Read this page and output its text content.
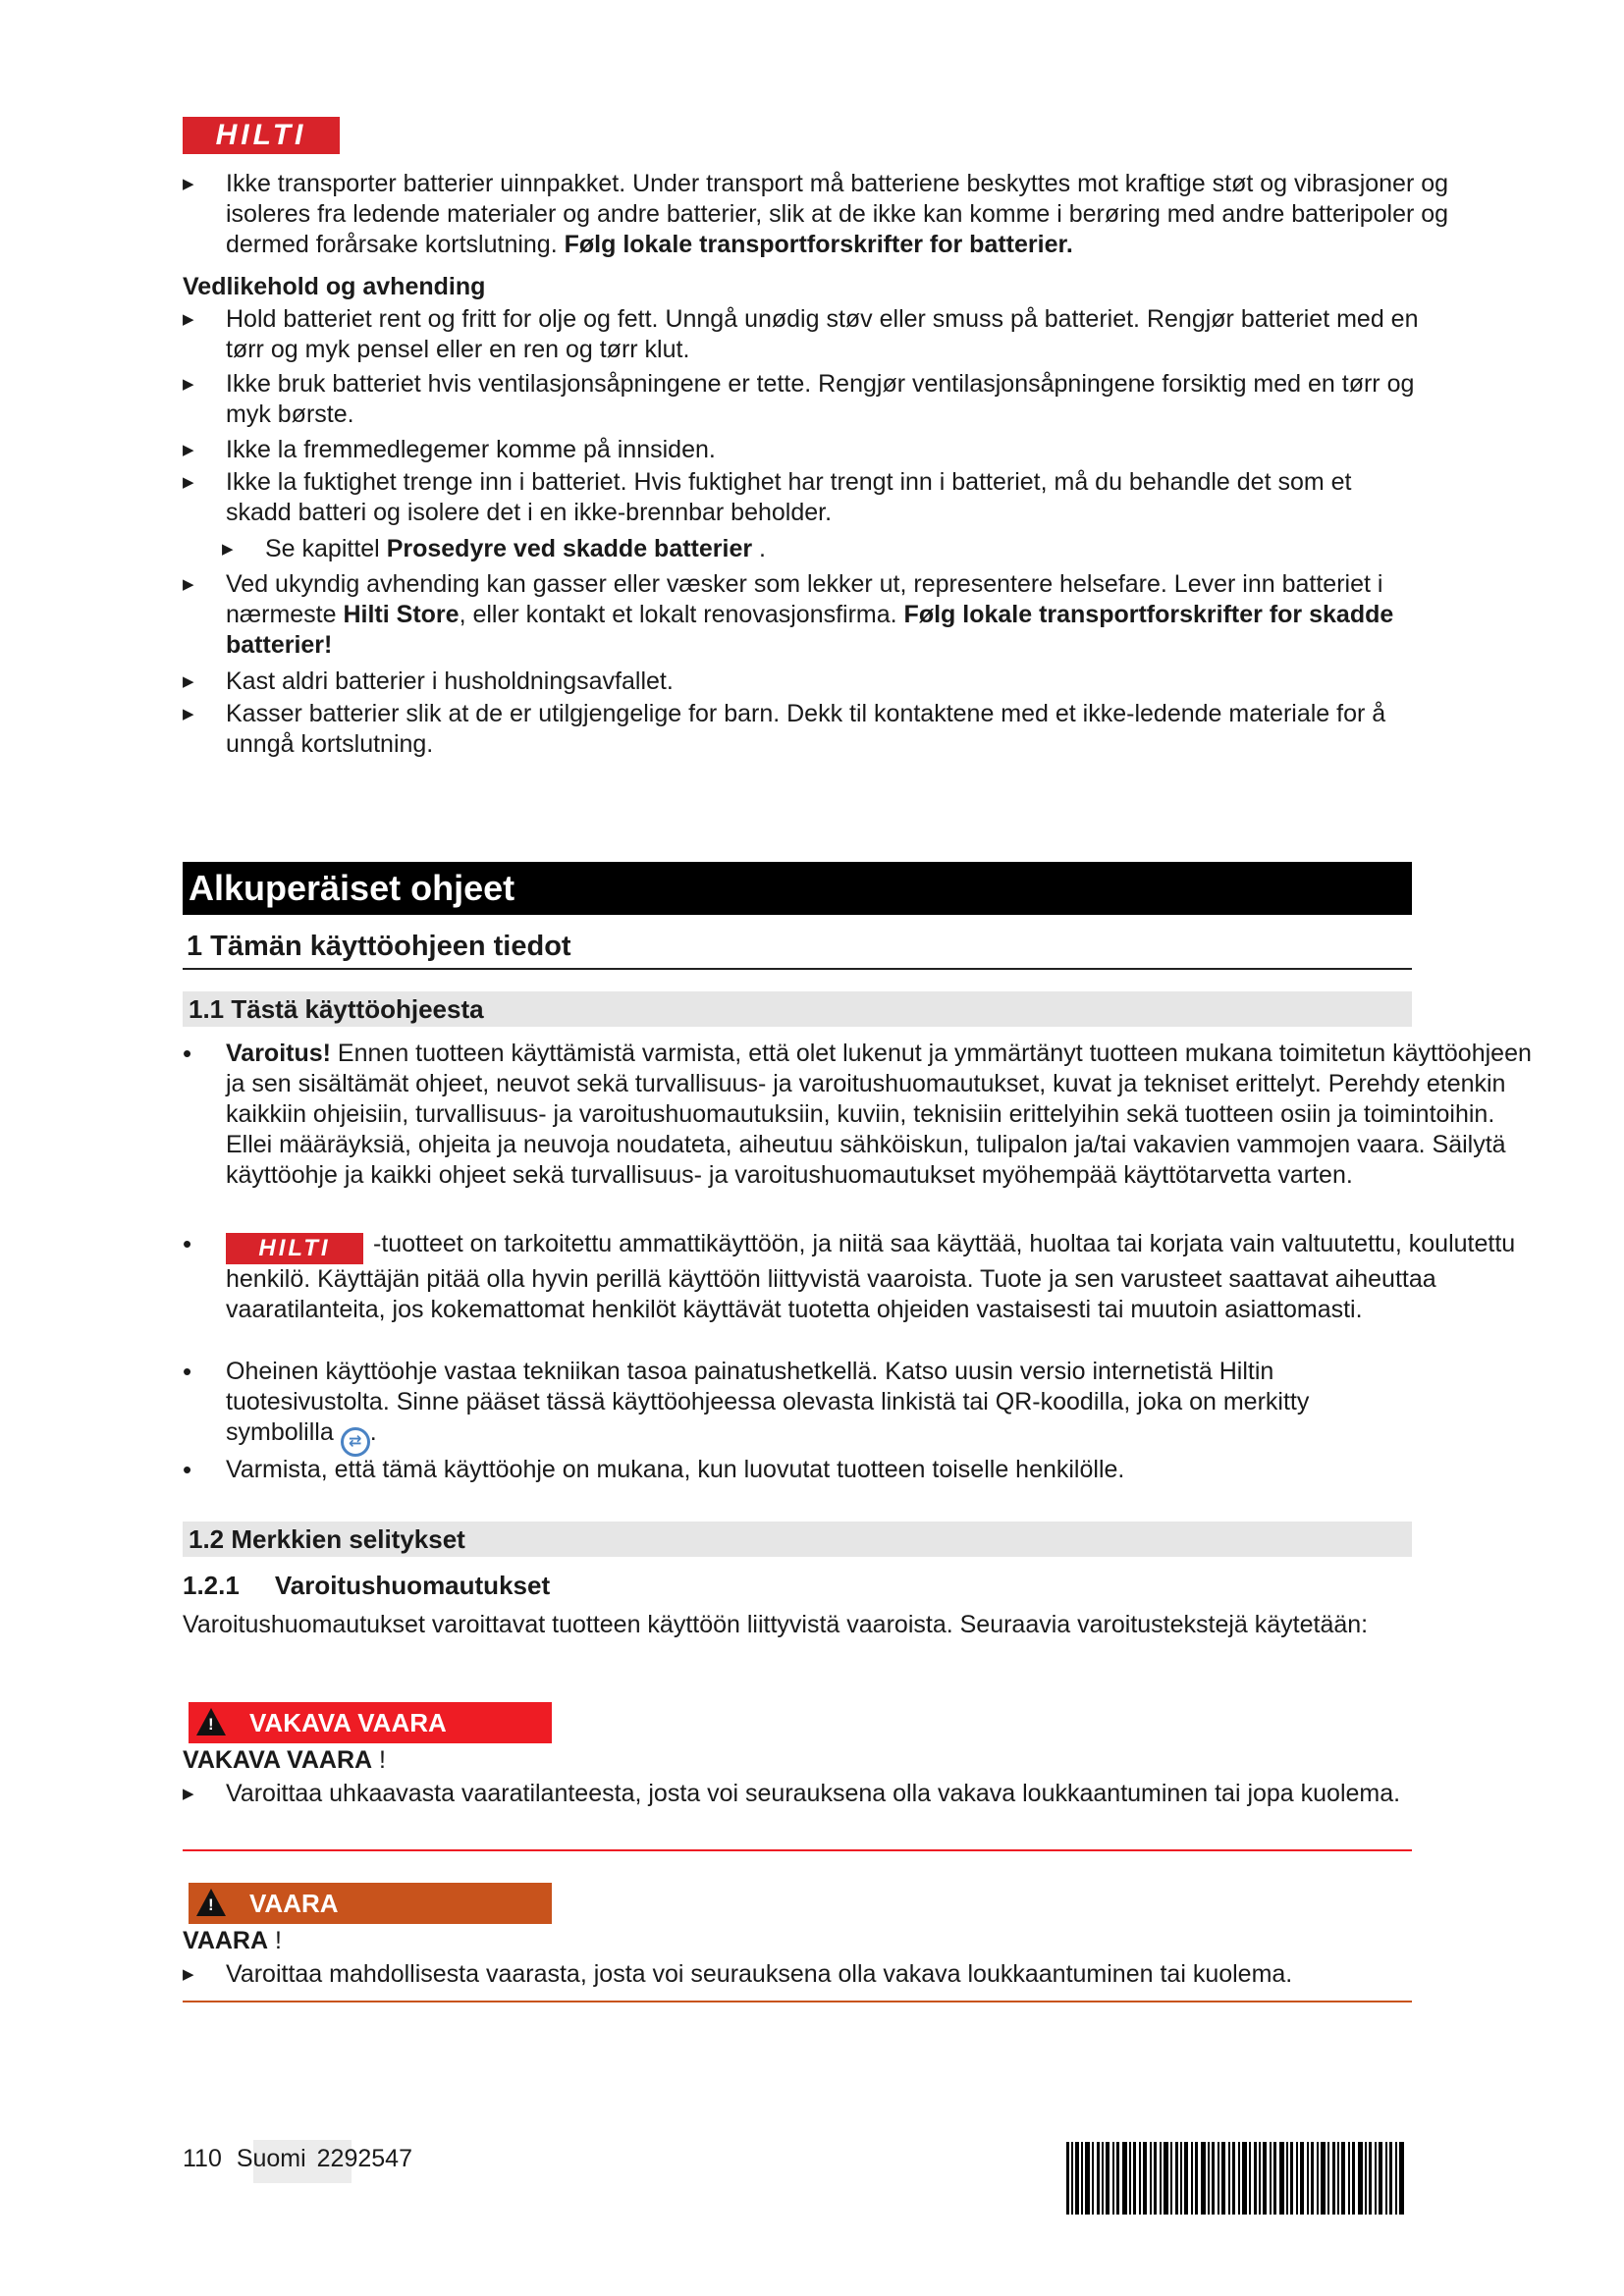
HILTI
▶	Ikke transporter batterier uinnpakket. Under transport må batteriene beskyttes mot kraftige støt og vibrasjoner og isoleres fra ledende materialer og andre batterier, slik at de ikke kan komme i berøring med andre batteripoler og dermed forårsake kortslutning. Følg lokale transportforskrifter for batterier.
Vedlikehold og avhending
▶	Hold batteriet rent og fritt for olje og fett. Unngå unødig støv eller smuss på batteriet. Rengjør batteriet med en tørr og myk pensel eller en ren og tørr klut.
▶	Ikke bruk batteriet hvis ventilasjonsåpningene er tette. Rengjør ventilasjonsåpningene forsiktig med en tørr og myk børste.
▶	Ikke la fremmedlegemer komme på innsiden.
▶	Ikke la fuktighet trenge inn i batteriet. Hvis fuktighet har trengt inn i batteriet, må du behandle det som et skadd batteri og isolere det i en ikke-brennbar beholder.
▶	Se kapittel Prosedyre ved skadde batterier .
▶	Ved ukyndig avhending kan gasser eller væsker som lekker ut, representere helsefare. Lever inn batteriet i nærmeste Hilti Store, eller kontakt et lokalt renovasjonsfirma. Følg lokale transportforskrifter for skadde batterier!
▶	Kast aldri batterier i husholdningsavfallet.
▶	Kasser batterier slik at de er utilgjengelige for barn. Dekk til kontaktene med et ikke-ledende materiale for å unngå kortslutning.
Alkuperäiset ohjeet
1 Tämän käyttöohjeen tiedot
1.1 Tästä käyttöohjeesta
•	Varoitus! Ennen tuotteen käyttämistä varmista, että olet lukenut ja ymmärtänyt tuotteen mukana toimitetun käyttöohjeen ja sen sisältämät ohjeet, neuvot sekä turvallisuus- ja varoitushuomautukset, kuvat ja tekniset erittelyt. Perehdy etenkin kaikkiin ohjeisiin, turvallisuus- ja varoitushuomautuksiin, kuviin, teknisiin erittelyihin sekä tuotteen osiin ja toimintoihin. Ellei määräyksiä, ohjeita ja neuvoja noudateta, aiheutuu sähköiskun, tulipalon ja/tai vakavien vammojen vaara. Säilytä käyttöohje ja kaikki ohjeet sekä turvallisuus- ja varoitushuomautukset myöhempää käyttötarvetta varten.
•	HILTI -tuotteet on tarkoitettu ammattikäyttöön, ja niitä saa käyttää, huoltaa tai korjata vain valtuutettu, koulutettu henkilö. Käyttäjän pitää olla hyvin perillä käyttöön liittyvistä vaaroista. Tuote ja sen varusteet saattavat aiheuttaa vaaratilanteita, jos kokemattomat henkilöt käyttävät tuotetta ohjeiden vastaisesti tai muutoin asiattomasti.
•	Oheinen käyttöohje vastaa tekniikan tasoa painatushetkellä. Katso uusin versio internetistä Hiltin tuotesivustolta. Sinne pääset tässä käyttöohjeessa olevasta linkistä tai QR-koodilla, joka on merkitty symbolilla ⇄ .
•	Varmista, että tämä käyttöohje on mukana, kun luovutat tuotteen toiselle henkilölle.
1.2 Merkkien selitykset
1.2.1 Varoitushuomautukset
Varoitushuomautukset varoittavat tuotteen käyttöön liittyvistä vaaroista. Seuraavia varoitustekstejä käytetään:
! VAKAVA VAARA
VAKAVA VAARA !
▶	Varoittaa uhkaavasta vaaratilanteesta, josta voi seurauksena olla vakava loukkaantuminen tai jopa kuolema.
! VAARA
VAARA !
▶	Varoittaa mahdollisesta vaarasta, josta voi seurauksena olla vakava loukkaantuminen tai kuolema.
110 Suomi 2292547
